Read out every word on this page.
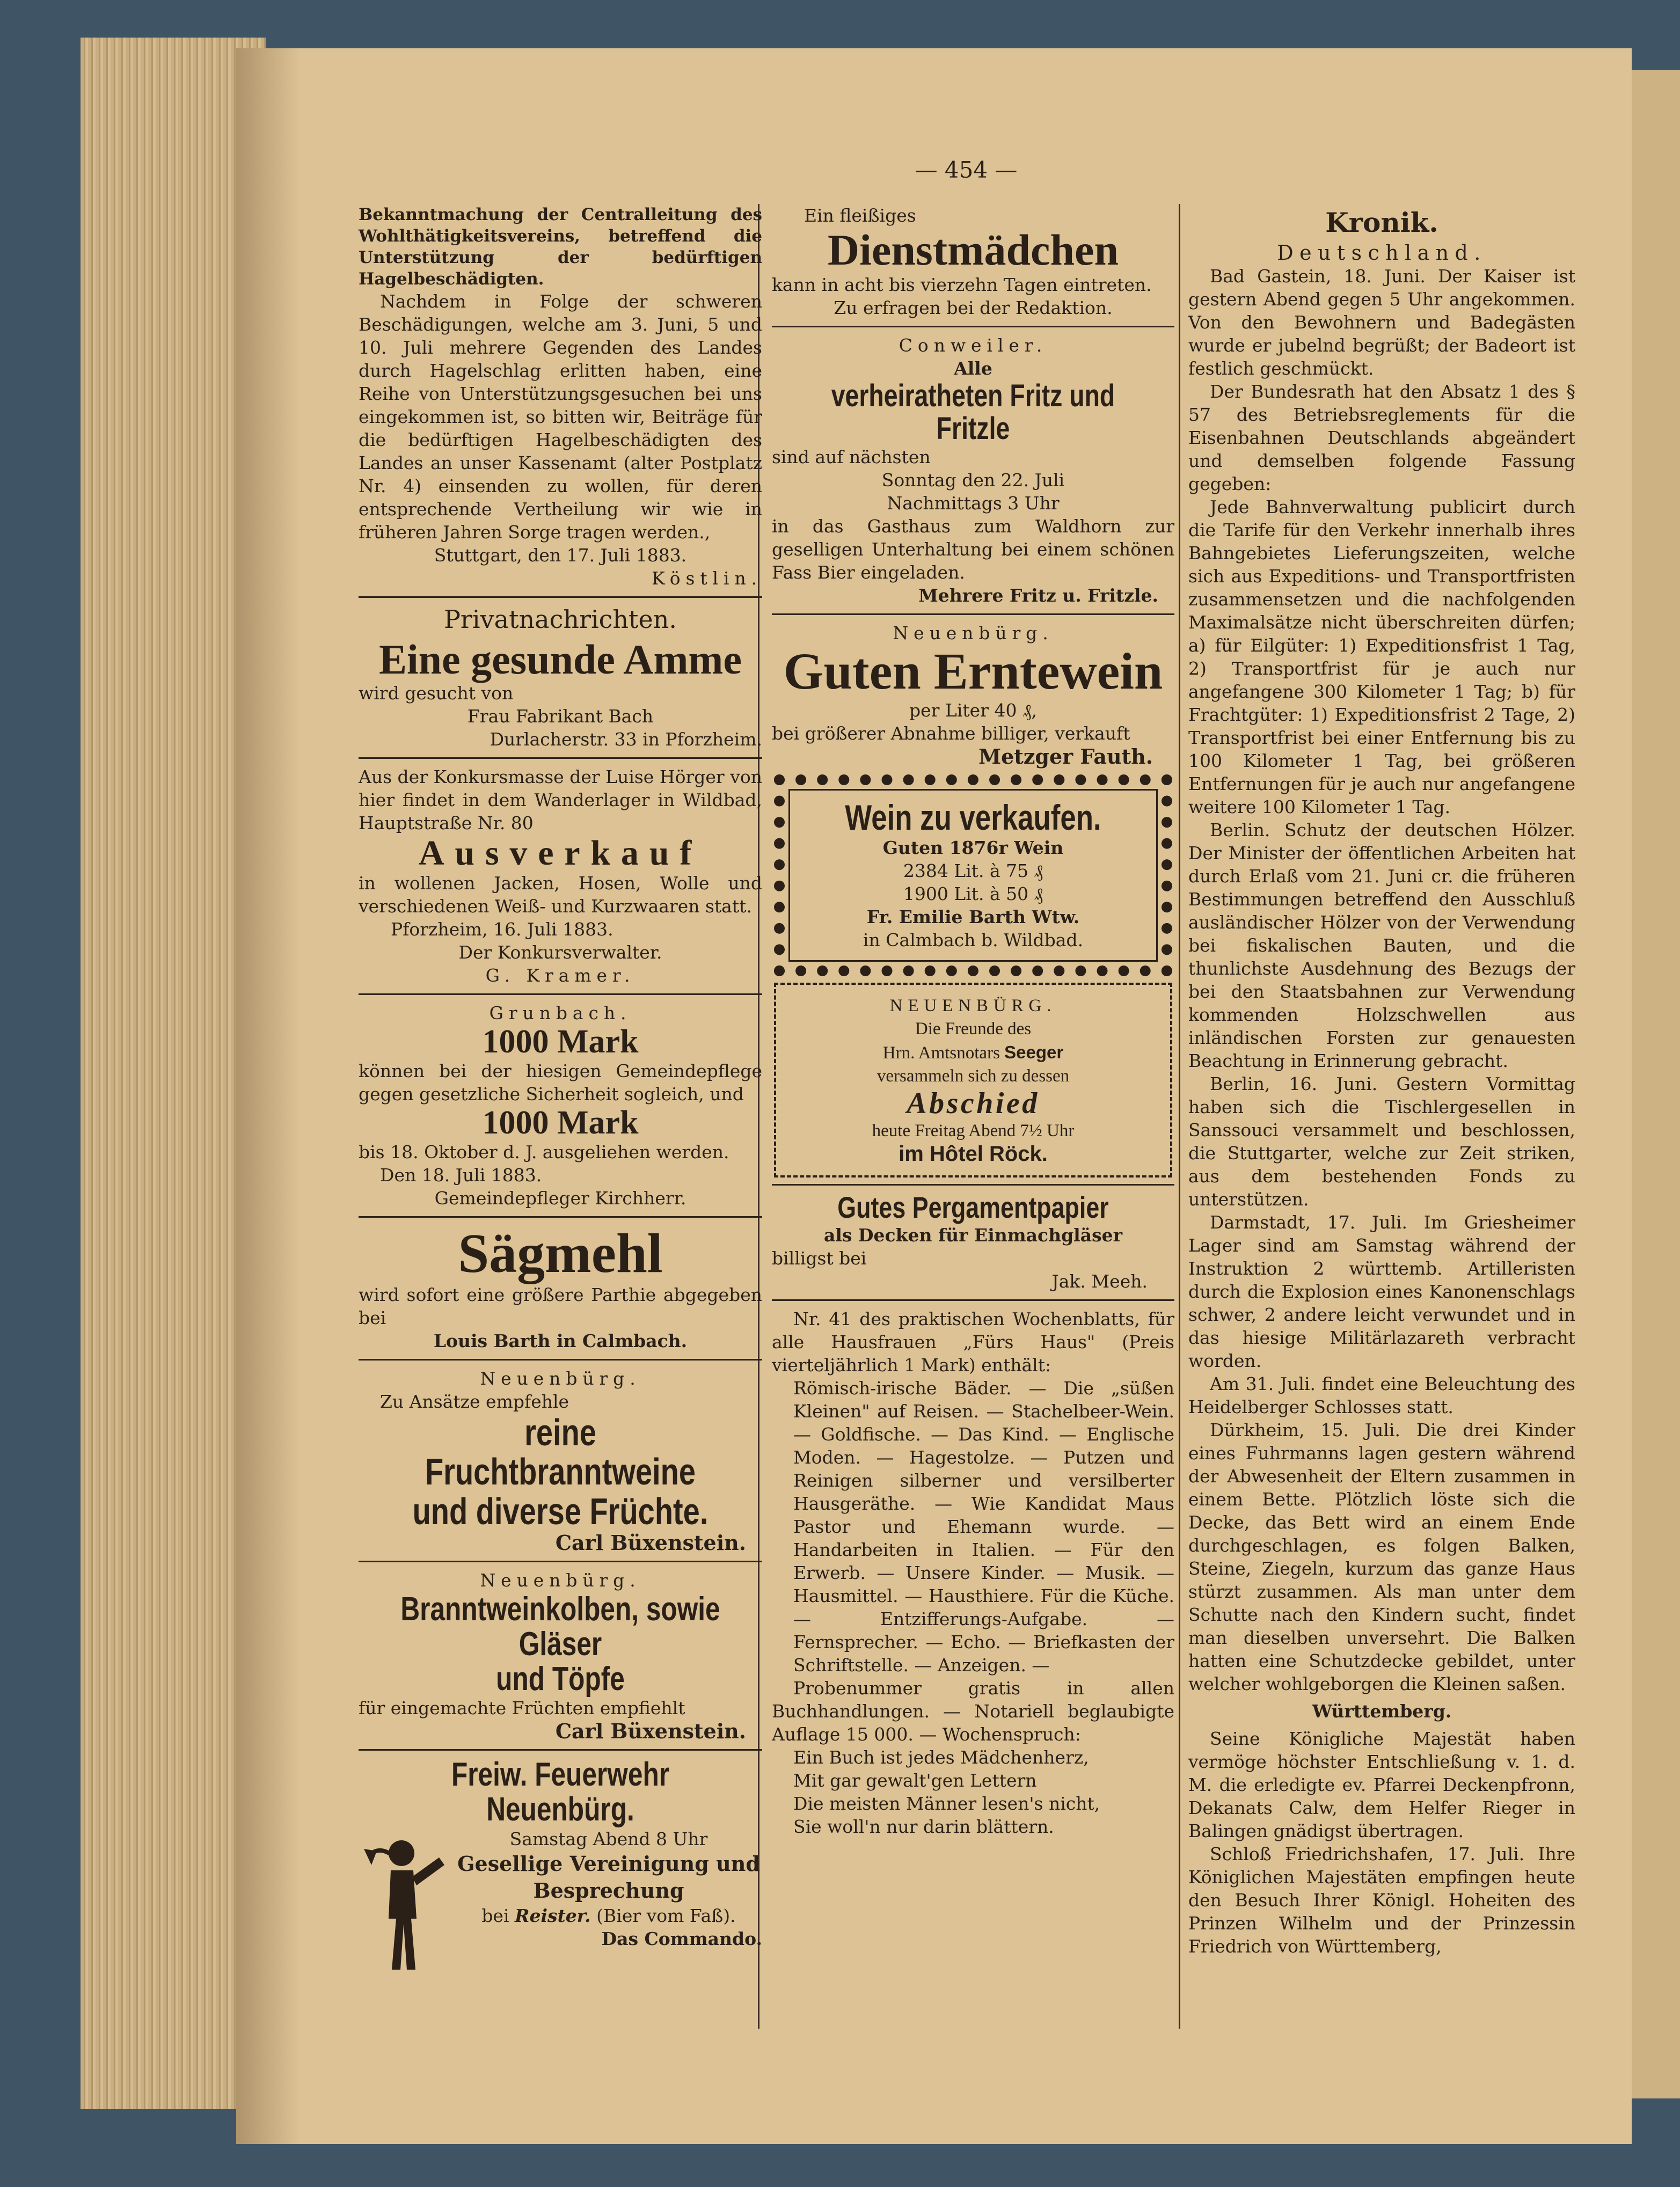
— 454 —

Bekanntmachung der Centralleitung des Wohlthätigkeitsvereins, betreffend die Unterstützung der bedürftigen Hagelbeschädigten.

Nachdem in Folge der schweren Beschädigungen, welche am 3. Juni, 5 und 10. Juli mehrere Gegenden des Landes durch Hagelschlag erlitten haben, eine Reihe von Unterstützungsgesuchen bei uns eingekommen ist, so bitten wir, Beiträge für die bedürftigen Hagelbeschädigten des Landes an unser Kassenamt (alter Postplatz Nr. 4) einsenden zu wollen, für deren entsprechende Vertheilung wir wie in früheren Jahren Sorge tragen werden.,

Stuttgart, den 17. Juli 1883.

Köstlin.

Privatnachrichten.

Eine gesunde Amme

wird gesucht von

Frau Fabrikant Bach

Durlacherstr. 33 in Pforzheim.

Aus der Konkursmasse der Luise Hörger von hier findet in dem Wanderlager in Wildbad, Hauptstraße Nr. 80

Ausverkauf

in wollenen Jacken, Hosen, Wolle und verschiedenen Weiß- und Kurzwaaren statt.

Pforzheim, 16. Juli 1883.

Der Konkursverwalter.

G. Kramer.

Grunbach.

1000 Mark

können bei der hiesigen Gemeindepflege gegen gesetzliche Sicherheit sogleich, und

1000 Mark

bis 18. Oktober d. J. ausgeliehen werden.

Den 18. Juli 1883.

Gemeindepfleger Kirchherr.

Sägmehl

wird sofort eine größere Parthie abgegeben bei

Louis Barth in Calmbach.

Neuenbürg.

Zu Ansätze empfehle

reine Fruchtbranntweine

und diverse Früchte.

Carl Büxenstein.

Neuenbürg.

Branntweinkolben, sowie Gläser

und Töpfe

für eingemachte Früchten empfiehlt

Carl Büxenstein.

Freiw. Feuerwehr Neuenbürg.

Samstag Abend 8 Uhr

Gesellige Vereinigung und

Besprechung

bei Reister. (Bier vom Faß).

Das Commando.

Ein fleißiges

Dienstmädchen

kann in acht bis vierzehn Tagen eintreten.

Zu erfragen bei der Redaktion.

Conweiler.

Alle

verheiratheten Fritz und Fritzle

sind auf nächsten

Sonntag den 22. Juli

Nachmittags 3 Uhr

in das Gasthaus zum Waldhorn zur geselligen Unterhaltung bei einem schönen Fass Bier eingeladen.

Mehrere Fritz u. Fritzle.

Neuenbürg.

Guten Erntewein

per Liter 40 ₰,

bei größerer Abnahme billiger, verkauft

Metzger Fauth.

Wein zu verkaufen.

Guten 1876r Wein

2384 Lit. à 75 ₰

1900 Lit. à 50 ₰

Fr. Emilie Barth Wtw.

in Calmbach b. Wildbad.

NEUENBÜRG.

Die Freunde des

Hrn. Amtsnotars Seeger

versammeln sich zu dessen

Abschied

heute Freitag Abend 7½ Uhr

im Hôtel Röck.

Gutes Pergamentpapier

als Decken für Einmachgläser

billigst bei

Jak. Meeh.

Nr. 41 des praktischen Wochenblatts, für alle Hausfrauen „Fürs Haus" (Preis vierteljährlich 1 Mark) enthält:

Römisch-irische Bäder. — Die „süßen Kleinen" auf Reisen. — Stachelbeer-Wein. — Goldfische. — Das Kind. — Englische Moden. — Hagestolze. — Putzen und Reinigen silberner und versilberter Hausgeräthe. — Wie Kandidat Maus Pastor und Ehemann wurde. — Handarbeiten in Italien. — Für den Erwerb. — Unsere Kinder. — Musik. — Hausmittel. — Hausthiere. Für die Küche. — Entzifferungs-Aufgabe. — Fernsprecher. — Echo. — Briefkasten der Schriftstelle. — Anzeigen. —

Probenummer gratis in allen Buchhandlungen. — Notariell beglaubigte Auflage 15 000. — Wochenspruch:

Ein Buch ist jedes Mädchenherz,

Mit gar gewalt'gen Lettern

Die meisten Männer lesen's nicht,

Sie woll'n nur darin blättern.

Kronik.

Deutschland.

Bad Gastein, 18. Juni. Der Kaiser ist gestern Abend gegen 5 Uhr angekommen. Von den Bewohnern und Badegästen wurde er jubelnd begrüßt; der Badeort ist festlich geschmückt.

Der Bundesrath hat den Absatz 1 des § 57 des Betriebsreglements für die Eisenbahnen Deutschlands abgeändert und demselben folgende Fassung gegeben:

Jede Bahnverwaltung publicirt durch die Tarife für den Verkehr innerhalb ihres Bahngebietes Lieferungszeiten, welche sich aus Expeditions- und Transportfristen zusammensetzen und die nachfolgenden Maximalsätze nicht überschreiten dürfen; a) für Eilgüter: 1) Expeditionsfrist 1 Tag, 2) Transportfrist für je auch nur angefangene 300 Kilometer 1 Tag; b) für Frachtgüter: 1) Expeditionsfrist 2 Tage, 2) Transportfrist bei einer Entfernung bis zu 100 Kilometer 1 Tag, bei größeren Entfernungen für je auch nur angefangene weitere 100 Kilometer 1 Tag.

Berlin. Schutz der deutschen Hölzer. Der Minister der öffentlichen Arbeiten hat durch Erlaß vom 21. Juni cr. die früheren Bestimmungen betreffend den Ausschluß ausländischer Hölzer von der Verwendung bei fiskalischen Bauten, und die thunlichste Ausdehnung des Bezugs der bei den Staatsbahnen zur Verwendung kommenden Holzschwellen aus inländischen Forsten zur genauesten Beachtung in Erinnerung gebracht.

Berlin, 16. Juni. Gestern Vormittag haben sich die Tischlergesellen in Sanssouci versammelt und beschlossen, die Stuttgarter, welche zur Zeit striken, aus dem bestehenden Fonds zu unterstützen.

Darmstadt, 17. Juli. Im Griesheimer Lager sind am Samstag während der Instruktion 2 württemb. Artilleristen durch die Explosion eines Kanonenschlags schwer, 2 andere leicht verwundet und in das hiesige Militärlazareth verbracht worden.

Am 31. Juli. findet eine Beleuchtung des Heidelberger Schlosses statt.

Dürkheim, 15. Juli. Die drei Kinder eines Fuhrmanns lagen gestern während der Abwesenheit der Eltern zusammen in einem Bette. Plötzlich löste sich die Decke, das Bett wird an einem Ende durchgeschlagen, es folgen Balken, Steine, Ziegeln, kurzum das ganze Haus stürzt zusammen. Als man unter dem Schutte nach den Kindern sucht, findet man dieselben unversehrt. Die Balken hatten eine Schutzdecke gebildet, unter welcher wohlgeborgen die Kleinen saßen.

Württemberg.

Seine Königliche Majestät haben vermöge höchster Entschließung v. 1. d. M. die erledigte ev. Pfarrei Deckenpfronn, Dekanats Calw, dem Helfer Rieger in Balingen gnädigst übertragen.

Schloß Friedrichshafen, 17. Juli. Ihre Königlichen Majestäten empfingen heute den Besuch Ihrer Königl. Hoheiten des Prinzen Wilhelm und der Prinzessin Friedrich von Württemberg,
